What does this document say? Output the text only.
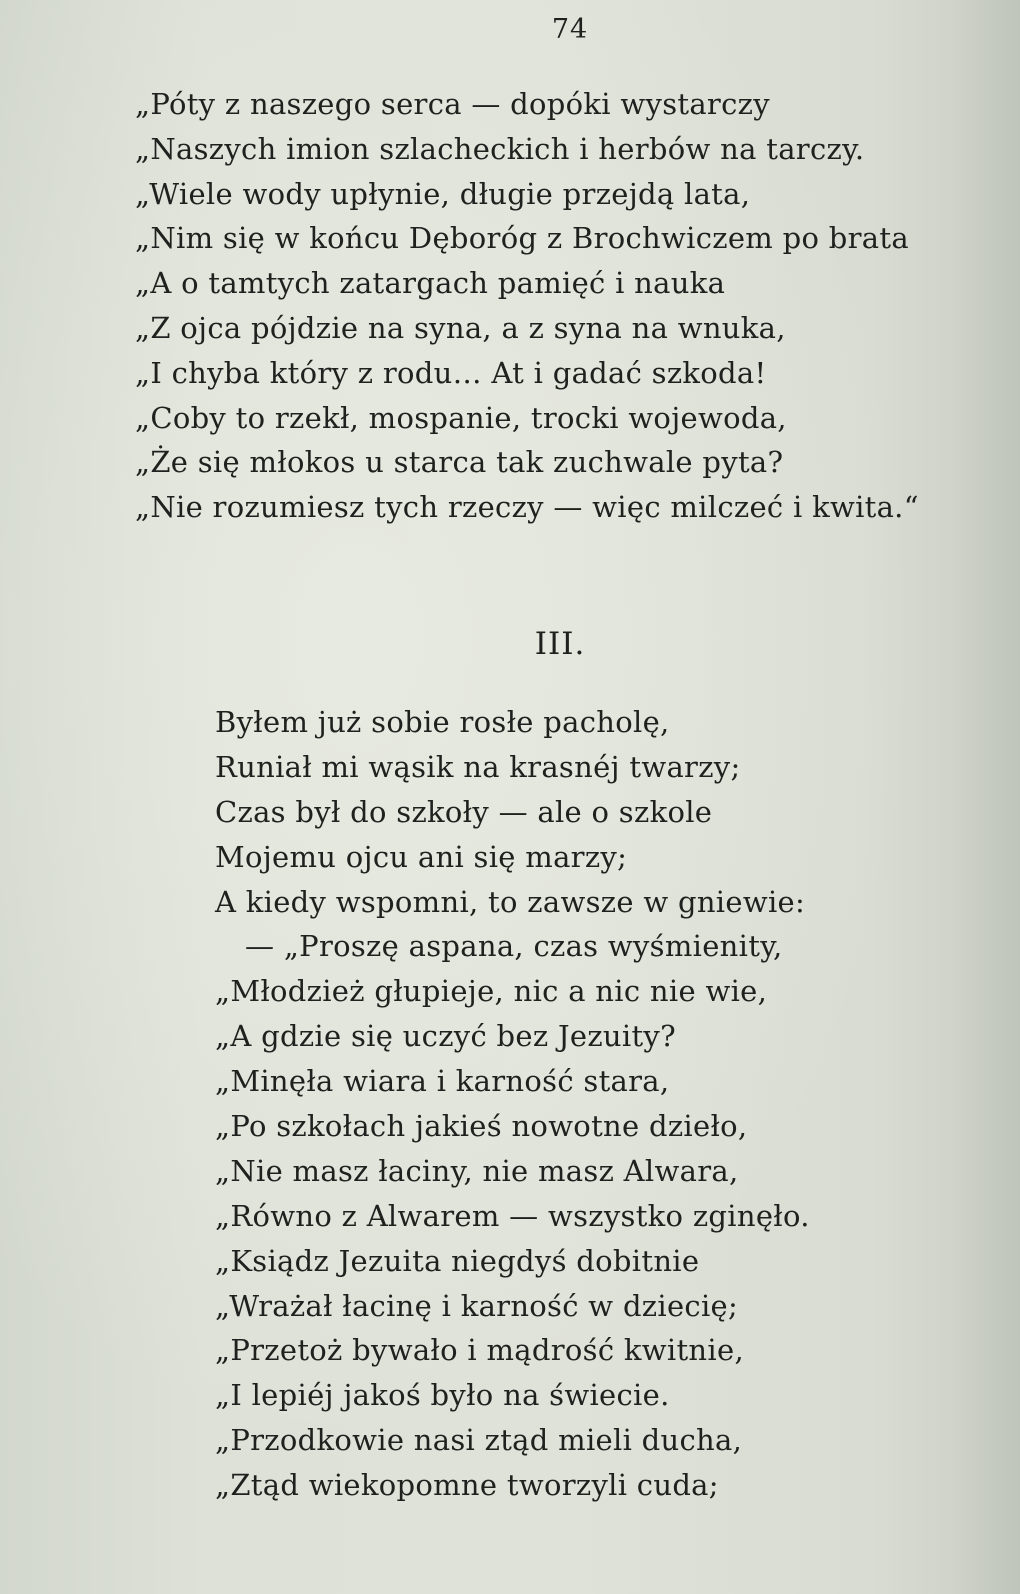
74
„Póty z naszego serca — dopóki wystarczy
„Naszych imion szlacheckich i herbów na tarczy.
„Wiele wody upłynie, długie przejdą lata,
„Nim się w końcu Dęboróg z Brochwiczem po brata
„A o tamtych zatargach pamięć i nauka
„Z ojca pójdzie na syna, a z syna na wnuka,
„I chyba który z rodu… At i gadać szkoda!
„Coby to rzekł, mospanie, trocki wojewoda,
„Że się młokos u starca tak zuchwale pyta?
„Nie rozumiesz tych rzeczy — więc milczeć i kwita.“
III.
Byłem już sobie rosłe pacholę,
Runiał mi wąsik na krasnéj twarzy;
Czas był do szkoły — ale o szkole
Mojemu ojcu ani się marzy;
A kiedy wspomni, to zawsze w gniewie:
— „Proszę aspana, czas wyśmienity,
„Młodzież głupieje, nic a nic nie wie,
„A gdzie się uczyć bez Jezuity?
„Minęła wiara i karność stara,
„Po szkołach jakieś nowotne dzieło,
„Nie masz łaciny, nie masz Alwara,
„Równo z Alwarem — wszystko zginęło.
„Ksiądz Jezuita niegdyś dobitnie
„Wrażał łacinę i karność w dziecię;
„Przetoż bywało i mądrość kwitnie,
„I lepiéj jakoś było na świecie.
„Przodkowie nasi ztąd mieli ducha,
„Ztąd wiekopomne tworzyli cuda;
